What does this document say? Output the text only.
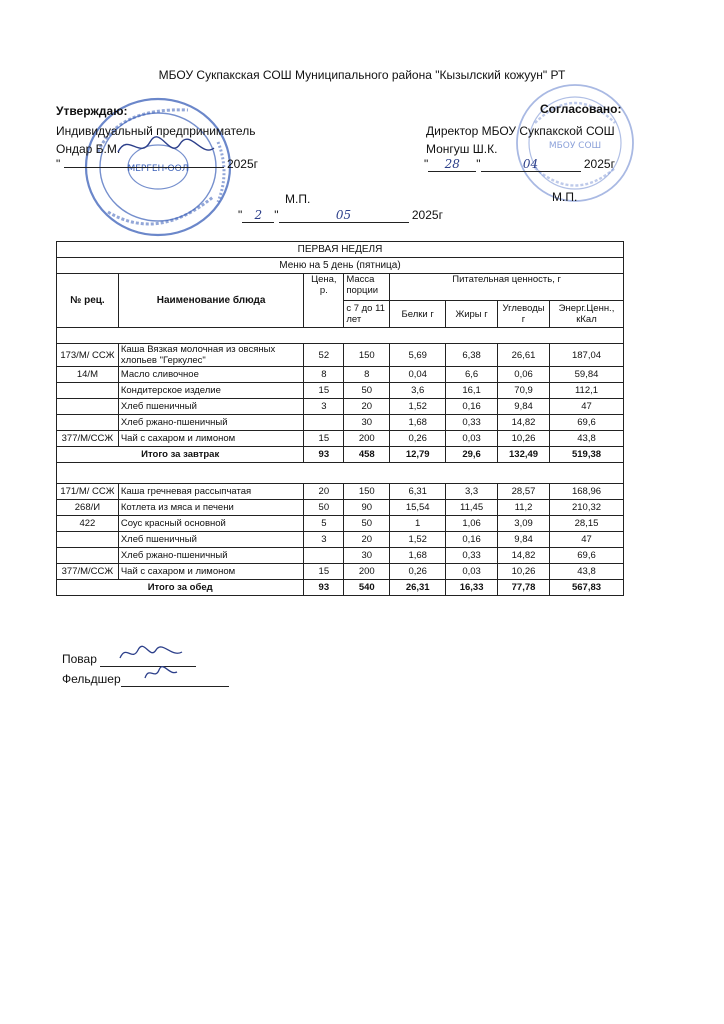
МБОУ Сукпакская СОШ Муниципального района "Кызылский кожуун" РТ
МЕРГЕН-ООЛ
МБОУ СОШ
Утверждаю:
Индивидуальный предприниматель
Ондар Б.М.
"	2025г
М.П.
" 2 "	05	2025г
Согласовано:
Директор МБОУ Сукпакской СОШ
Монгуш Ш.К.
" 28 "	04	2025г
М.П.
ПЕРВАЯ НЕДЕЛЯ							
Меню на 5 день (пятница)							
№ рец.	Наименование блюда	Цена, р.	Масса порции	Питательная ценность, г			
			с 7 до 11 лет	Белки г	Жиры г	Углеводы г	Энерг.Ценн., кКал

173/М/ ССЖ	Каша Вязкая молочная из овсяных хлопьев "Геркулес"	52	150	5,69	6,38	26,61	187,04
14/М	Масло сливочное	8	8	0,04	6,6	0,06	59,84
	Кондитерское изделие	15	50	3,6	16,1	70,9	112,1
	Хлеб пшеничный	3	20	1,52	0,16	9,84	47
	Хлеб ржано-пшеничный		30	1,68	0,33	14,82	69,6
377/М/ССЖ	Чай с сахаром и лимоном	15	200	0,26	0,03	10,26	43,8
Итого за завтрак		93	458	12,79	29,6	132,49	519,38

171/М/ ССЖ	Каша гречневая рассыпчатая	20	150	6,31	3,3	28,57	168,96
268/И	Котлета из мяса и печени	50	90	15,54	11,45	11,2	210,32
422	Соус красный основной	5	50	1	1,06	3,09	28,15
	Хлеб пшеничный	3	20	1,52	0,16	9,84	47
	Хлеб ржано-пшеничный		30	1,68	0,33	14,82	69,6
377/М/ССЖ	Чай с сахаром и лимоном	15	200	0,26	0,03	10,26	43,8
Итого за обед		93	540	26,31	16,33	77,78	567,83
Повар

Фельдшер
